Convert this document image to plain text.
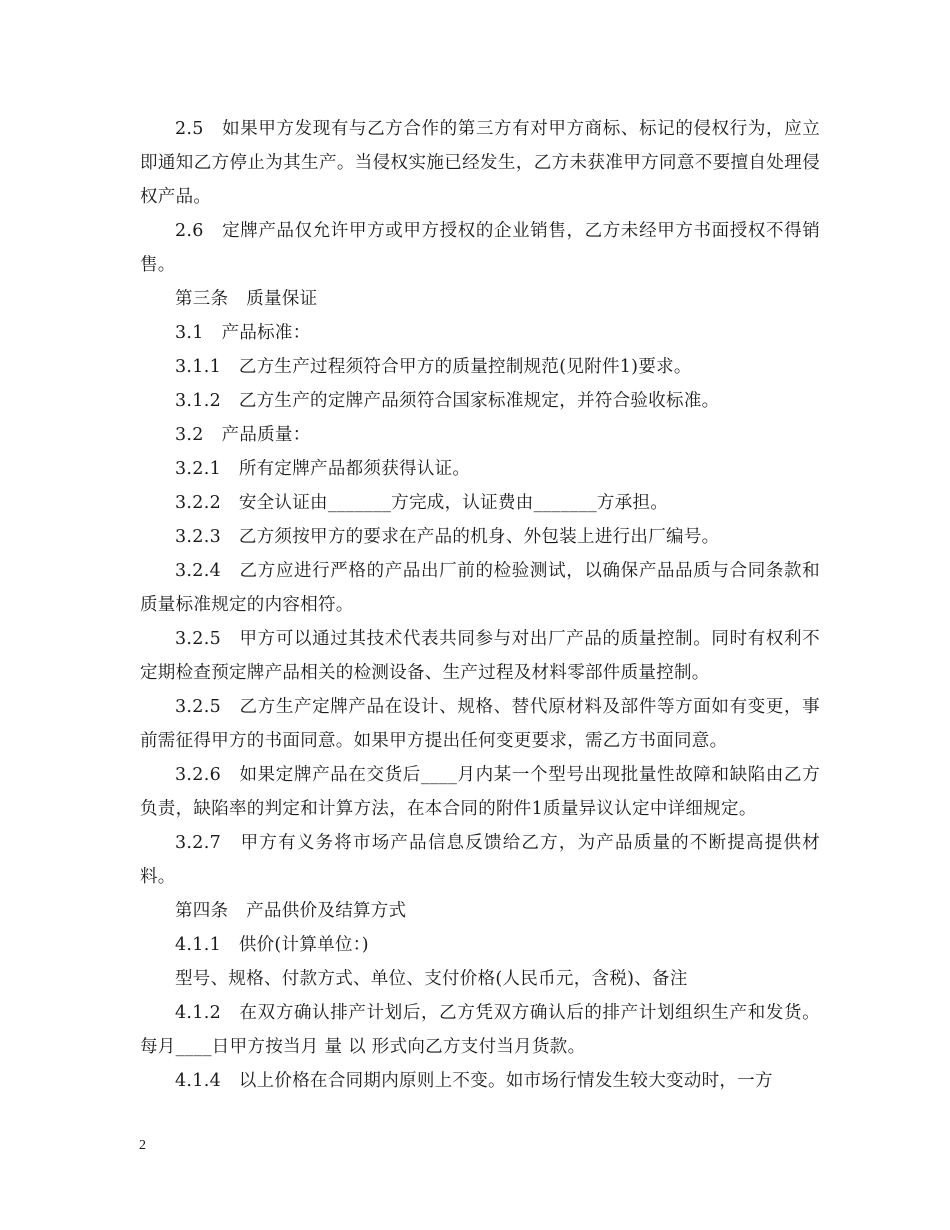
2.5　如果甲方发现有与乙方合作的第三方有对甲方商标、标记的侵权行为，应立即通知乙方停止为其生产。当侵权实施已经发生，乙方未获准甲方同意不要擅自处理侵权产品。

2.6　定牌产品仅允许甲方或甲方授权的企业销售，乙方未经甲方书面授权不得销售。

第三条　质量保证

3.1　产品标准：

3.1.1　乙方生产过程须符合甲方的质量控制规范(见附件1)要求。

3.1.2　乙方生产的定牌产品须符合国家标准规定，并符合验收标准。

3.2　产品质量：

3.2.1　所有定牌产品都须获得认证。

3.2.2　安全认证由_______方完成，认证费由_______方承担。

3.2.3　乙方须按甲方的要求在产品的机身、外包装上进行出厂编号。

3.2.4　乙方应进行严格的产品出厂前的检验测试，以确保产品品质与合同条款和质量标准规定的内容相符。

3.2.5　甲方可以通过其技术代表共同参与对出厂产品的质量控制。同时有权利不定期检查预定牌产品相关的检测设备、生产过程及材料零部件质量控制。

3.2.5　乙方生产定牌产品在设计、规格、替代原材料及部件等方面如有变更，事前需征得甲方的书面同意。如果甲方提出任何变更要求，需乙方书面同意。

3.2.6　如果定牌产品在交货后____月内某一个型号出现批量性故障和缺陷由乙方负责，缺陷率的判定和计算方法，在本合同的附件1质量异议认定中详细规定。

3.2.7　甲方有义务将市场产品信息反馈给乙方，为产品质量的不断提高提供材料。

第四条　产品供价及结算方式

4.1.1　供价(计算单位：)

型号、规格、付款方式、单位、支付价格(人民币元，含税)、备注

4.1.2　在双方确认排产计划后，乙方凭双方确认后的排产计划组织生产和发货。每月____日甲方按当月 量 以 形式向乙方支付当月货款。

4.1.4　以上价格在合同期内原则上不变。如市场行情发生较大变动时，一方

2
